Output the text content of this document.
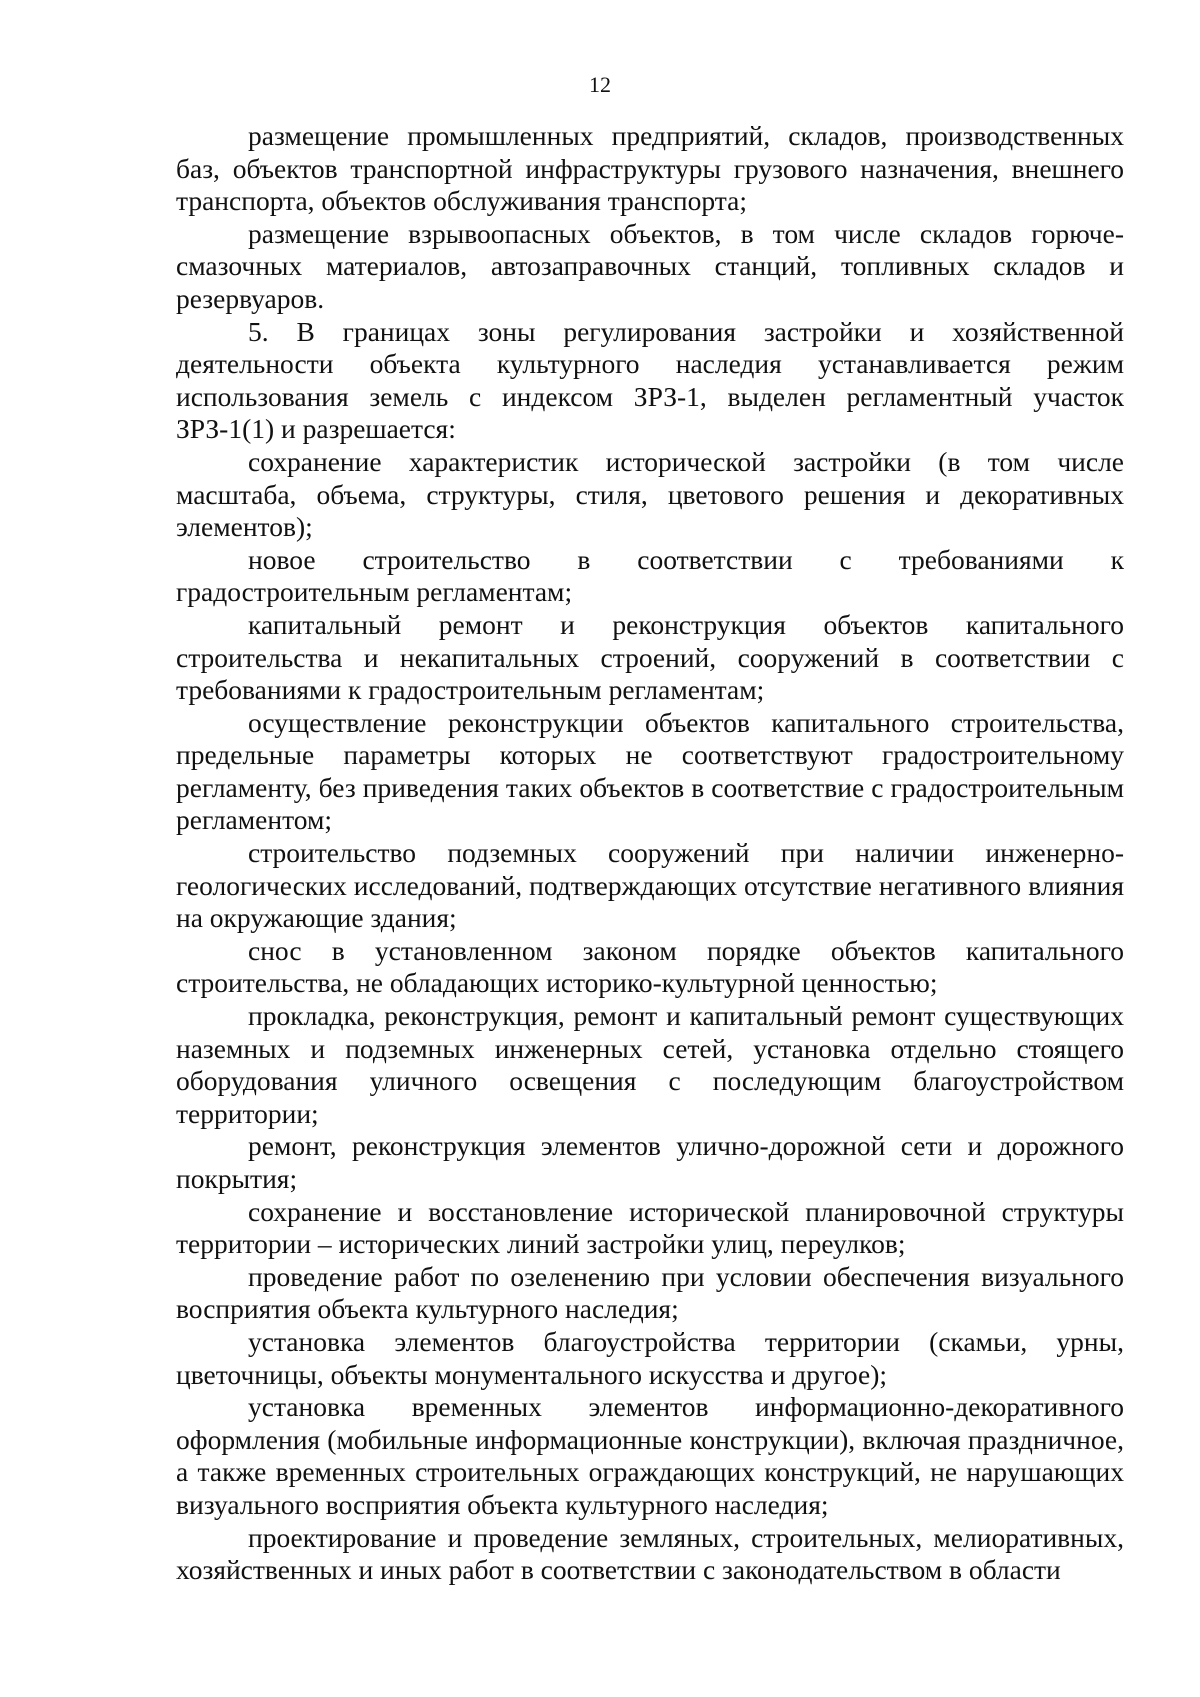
12

размещение промышленных предприятий, складов, производственных баз, объектов транспортной инфраструктуры грузового назначения, внешнего транспорта, объектов обслуживания транспорта;

размещение взрывоопасных объектов, в том числе складов горюче-смазочных материалов, автозаправочных станций, топливных складов и резервуаров.

5. В границах зоны регулирования застройки и хозяйственной деятельности объекта культурного наследия устанавливается режим использования земель с индексом ЗРЗ-1, выделен регламентный участок ЗРЗ-1(1) и разрешается:

сохранение характеристик исторической застройки (в том числе масштаба, объема, структуры, стиля, цветового решения и декоративных элементов);

новое строительство в соответствии с требованиями к градостроительным регламентам;

капитальный ремонт и реконструкция объектов капитального строительства и некапитальных строений, сооружений в соответствии с требованиями к градостроительным регламентам;

осуществление реконструкции объектов капитального строительства, предельные параметры которых не соответствуют градостроительному регламенту, без приведения таких объектов в соответствие с градостроительным регламентом;

строительство подземных сооружений при наличии инженерно-геологических исследований, подтверждающих отсутствие негативного влияния на окружающие здания;

снос в установленном законом порядке объектов капитального строительства, не обладающих историко-культурной ценностью;

прокладка, реконструкция, ремонт и капитальный ремонт существующих наземных и подземных инженерных сетей, установка отдельно стоящего оборудования уличного освещения с последующим благоустройством территории;

ремонт, реконструкция элементов улично-дорожной сети и дорожного покрытия;

сохранение и восстановление исторической планировочной структуры территории – исторических линий застройки улиц, переулков;

проведение работ по озеленению при условии обеспечения визуального восприятия объекта культурного наследия;

установка элементов благоустройства территории (скамьи, урны, цветочницы, объекты монументального искусства и другое);

установка временных элементов информационно-декоративного оформления (мобильные информационные конструкции), включая праздничное, а также временных строительных ограждающих конструкций, не нарушающих визуального восприятия объекта культурного наследия;

проектирование и проведение земляных, строительных, мелиоративных, хозяйственных и иных работ в соответствии с законодательством в области
